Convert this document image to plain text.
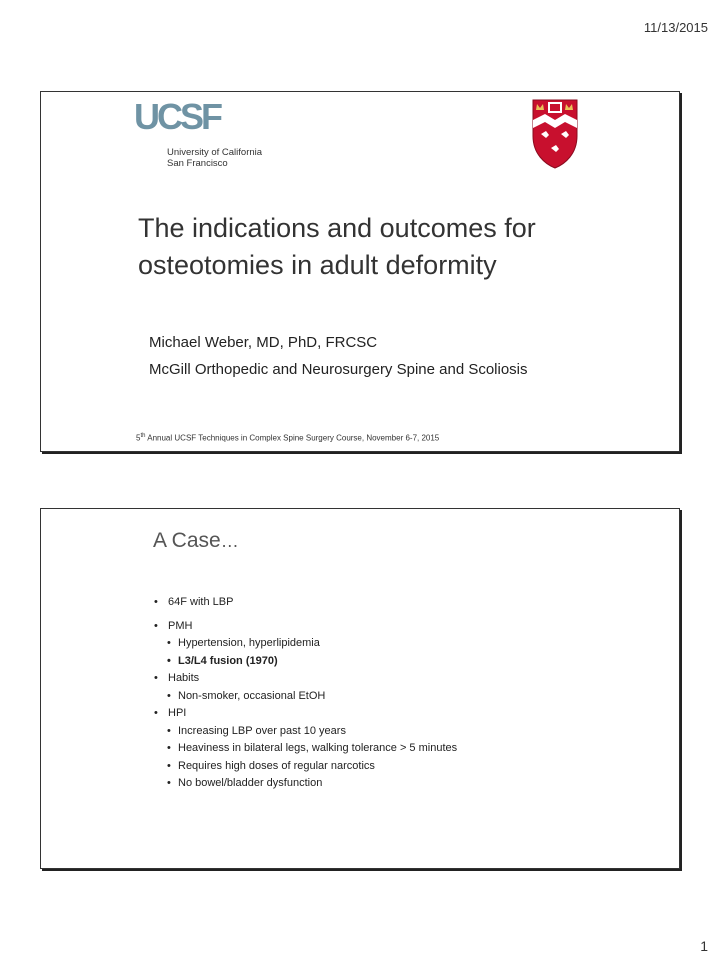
11/13/2015
UCSF
University of California
San Francisco
The indications and outcomes for osteotomies in adult deformity
Michael Weber, MD, PhD, FRCSC
McGill Orthopedic and Neurosurgery Spine and Scoliosis
5th Annual UCSF Techniques in Complex Spine Surgery Course, November 6-7, 2015
A Case…
• 64F with LBP
• PMH
• Hypertension, hyperlipidemia
• L3/L4 fusion (1970)
• Habits
• Non-smoker, occasional EtOH
• HPI
• Increasing LBP over past 10 years
• Heaviness in bilateral legs, walking tolerance > 5 minutes
• Requires high doses of regular narcotics
• No bowel/bladder dysfunction
1
